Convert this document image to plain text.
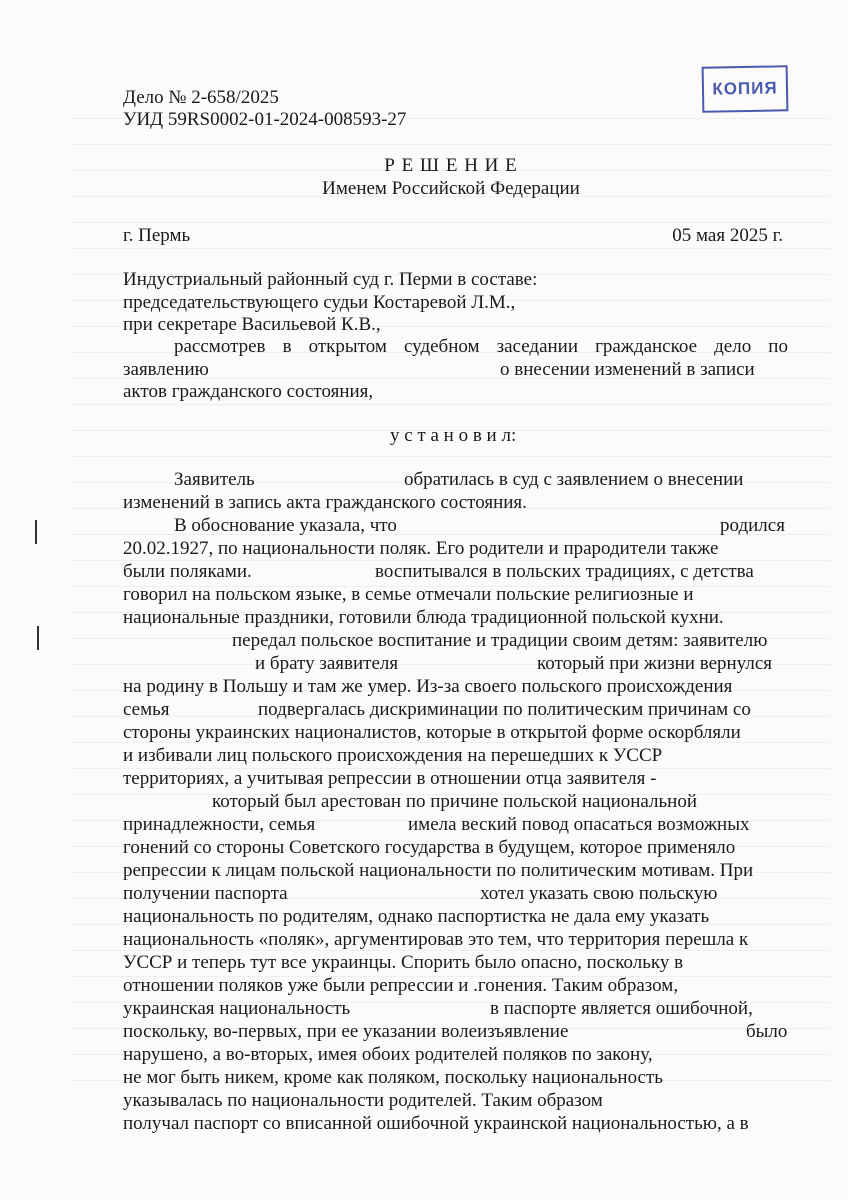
КОПИЯ
Дело № 2-658/2025
УИД 59RS0002-01-2024-008593-27
Р Е Ш Е Н И Е
Именем Российской Федерации
г. Пермь	05 мая 2025 г.
Индустриальный районный суд г. Перми в составе:
председательствующего судьи Костаревой Л.М.,
при секретаре Васильевой К.В.,
рассмотрев в открытом судебном заседании гражданское дело по
заявлению	о внесении изменений в записи
актов гражданского состояния,
у с т а н о в и л:
Заявитель	обратилась в суд с заявлением о внесении
изменений в запись акта гражданского состояния.
В обоснование указала, что	родился
20.02.1927, по национальности поляк. Его родители и прародители также
были поляками.	воспитывался в польских традициях, с детства
говорил на польском языке, в семье отмечали польские религиозные и
национальные праздники, готовили блюда традиционной польской кухни.
передал польское воспитание и традиции своим детям: заявителю
и брату заявителя	который при жизни вернулся
на родину в Польшу и там же умер. Из-за своего польского происхождения
семья	подвергалась дискриминации по политическим причинам со
стороны украинских националистов, которые в открытой форме оскорбляли
и избивали лиц польского происхождения на перешедших к УССР
территориях, а учитывая репрессии в отношении отца заявителя -
который был арестован по причине польской национальной
принадлежности, семья	имела веский повод опасаться возможных
гонений со стороны Советского государства в будущем, которое применяло
репрессии к лицам польской национальности по политическим мотивам. При
получении паспорта	хотел указать свою польскую
национальность по родителям, однако паспортистка не дала ему указать
национальность «поляк», аргументировав это тем, что территория перешла к
УССР и теперь тут все украинцы. Спорить было опасно, поскольку в
отношении поляков уже были репрессии и .гонения. Таким образом,
украинская национальность	в паспорте является ошибочной,
поскольку, во-первых, при ее указании волеизъявление	было
нарушено, а во-вторых, имея обоих родителей поляков по закону,
не мог быть никем, кроме как поляком, поскольку национальность
указывалась по национальности родителей. Таким образом
получал паспорт со вписанной ошибочной украинской национальностью, а в
